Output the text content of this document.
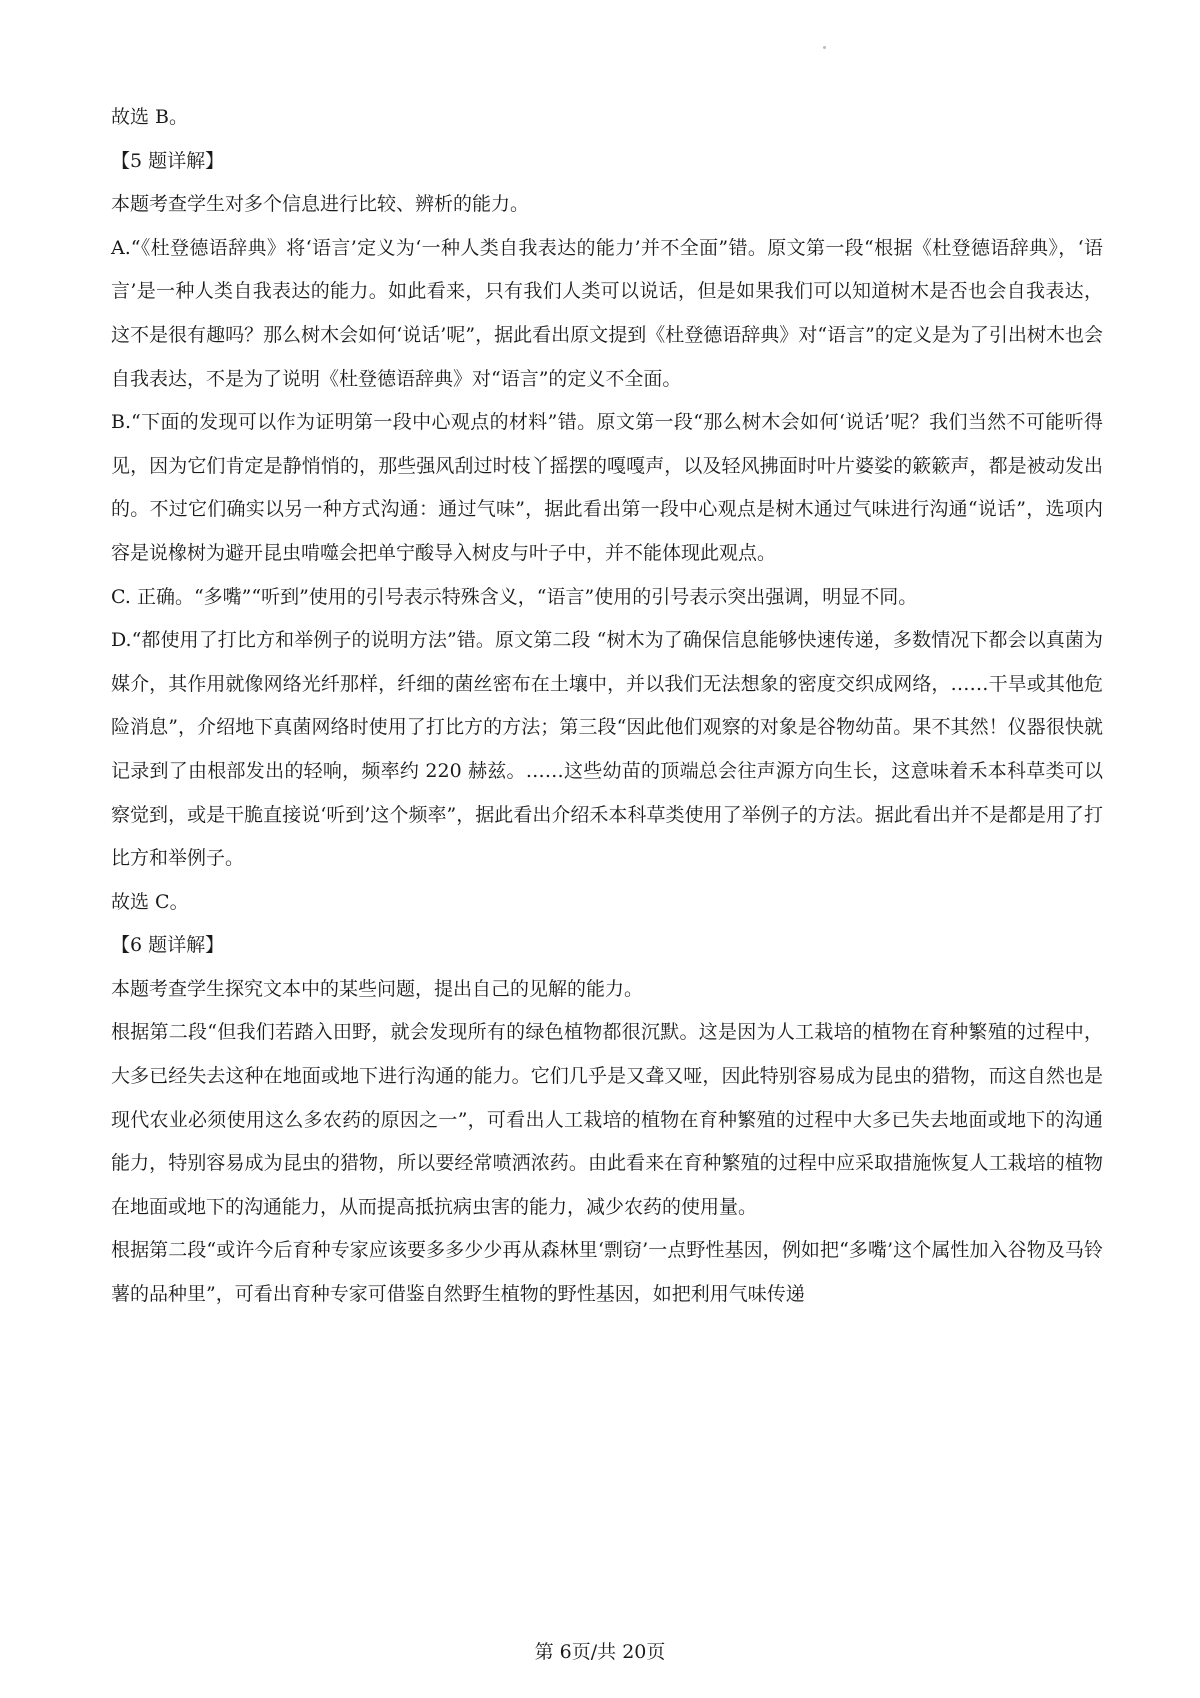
故选 B。

【5 题详解】

本题考查学生对多个信息进行比较、辨析的能力。

A.“《杜登德语辞典》将‘语言’定义为‘一种人类自我表达的能力’并不全面”错。原文第一段“根据《杜登德语辞典》，‘语言’是一种人类自我表达的能力。如此看来，只有我们人类可以说话，但是如果我们可以知道树木是否也会自我表达，这不是很有趣吗？那么树木会如何‘说话’呢”，据此看出原文提到《杜登德语辞典》对“语言”的定义是为了引出树木也会自我表达，不是为了说明《杜登德语辞典》对“语言”的定义不全面。

B.“下面的发现可以作为证明第一段中心观点的材料”错。原文第一段“那么树木会如何‘说话’呢？我们当然不可能听得见，因为它们肯定是静悄悄的，那些强风刮过时枝丫摇摆的嘎嘎声，以及轻风拂面时叶片婆娑的簌簌声，都是被动发出的。不过它们确实以另一种方式沟通：通过气味”，据此看出第一段中心观点是树木通过气味进行沟通“说话”，选项内容是说橡树为避开昆虫啃噬会把单宁酸导入树皮与叶子中，并不能体现此观点。

C. 正确。“多嘴”“听到”使用的引号表示特殊含义，“语言”使用的引号表示突出强调，明显不同。

D.“都使用了打比方和举例子的说明方法”错。原文第二段 “树木为了确保信息能够快速传递，多数情况下都会以真菌为媒介，其作用就像网络光纤那样，纤细的菌丝密布在土壤中，并以我们无法想象的密度交织成网络，……干旱或其他危险消息”，介绍地下真菌网络时使用了打比方的方法；第三段“因此他们观察的对象是谷物幼苗。果不其然！仪器很快就记录到了由根部发出的轻响，频率约 220 赫兹。……这些幼苗的顶端总会往声源方向生长，这意味着禾本科草类可以察觉到，或是干脆直接说‘听到’这个频率”，据此看出介绍禾本科草类使用了举例子的方法。据此看出并不是都是用了打比方和举例子。

故选 C。

【6 题详解】

本题考查学生探究文本中的某些问题，提出自己的见解的能力。

根据第二段“但我们若踏入田野，就会发现所有的绿色植物都很沉默。这是因为人工栽培的植物在育种繁殖的过程中，大多已经失去这种在地面或地下进行沟通的能力。它们几乎是又聋又哑，因此特别容易成为昆虫的猎物，而这自然也是现代农业必须使用这么多农药的原因之一”，可看出人工栽培的植物在育种繁殖的过程中大多已失去地面或地下的沟通能力，特别容易成为昆虫的猎物，所以要经常喷洒浓药。由此看来在育种繁殖的过程中应采取措施恢复人工栽培的植物在地面或地下的沟通能力，从而提高抵抗病虫害的能力，减少农药的使用量。

根据第二段“或许今后育种专家应该要多多少少再从森林里‘剽窃’一点野性基因，例如把“多嘴’这个属性加入谷物及马铃薯的品种里”，可看出育种专家可借鉴自然野生植物的野性基因，如把利用气味传递

第 6页/共 20页
